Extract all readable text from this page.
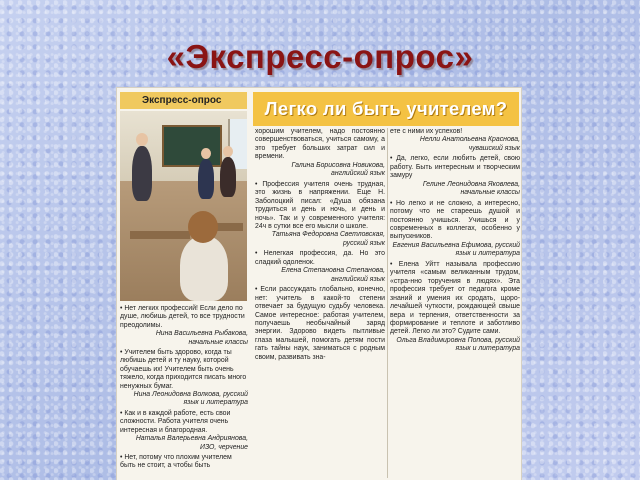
«Экспресс-опрос»
Экспресс-опрос

• Нет легких профессий! Если дело по душе, любишь детей, то все трудности преодолимы.
Нина Васильевна Рыбакова, начальные классы

• Учителем быть здорово, когда ты любишь детей и ту науку, которой обучаешь их! Учителем быть очень тяжело, когда приходится писать много ненужных бумаг.
Нина Леонидовна Волкова, русский язык и литература

• Как и в каждой работе, есть свои сложности. Работа учителя очень интересная и благородная.
Наталья Валерьевна Андриянова, ИЗО, черчение

• Нет, потому что плохим учителем быть не стоит, а чтобы быть

Легко ли быть учителем?

хорошим учителем, надо постоянно совершенствоваться, учиться самому, а это требует больших затрат сил и времени.
Галина Борисовна Новикова, английский язык

• Профессия учителя очень трудная, это жизнь в напряжении. Еще Н. Заболоцкий писал: «Душа обязана трудиться и день и ночь, и день и ночь». Так и у современного учителя: 24ч в сутки все его мысли о школе.
Татьяна Федоровна Светловская, русский язык

• Нелегкая профессия, да. Но это сладкий одоленок.
Елена Степановна Степанова, английский язык

• Если рассуждать глобально, конечно, нет: учитель в какой-то степени отвечает за будущую судьбу человека. Самое интересное: работая учителем, получаешь необычайный заряд энергии. Здорово видеть пытливые глаза малышей, помогать детям пости гать тайны наук, заниматься с родным своим, развивать зна-

ете с ними их успехов!
Нелли Анатольевна Краснова, чувашский язык

• Да, легко, если любить детей, свою работу. Быть интересным и творческим замуру
Гелине Леонидовна Яковлева, начальные классы

• Но легко и не сложно, а интересно, потому что не стареешь душой и постоянно учишься. Учишься и у современных в коллегах, особенно у выпускников.
Евгения Васильевна Ефимова, русский язык и литература

• Елена Уйтт называла профессию учителя «самым великанным трудом, «стра-нно торучения в людях». Эта профессия требует от педагога кроме знаний и умения их сродать, щорo-лечайшей чуткости, рождающей свыше вера и терпения, ответственности за формирование и теплоте и заботливо детей. Легко ли это? Судите сами.
Ольга Владимировна Попова, русский язык и литература
